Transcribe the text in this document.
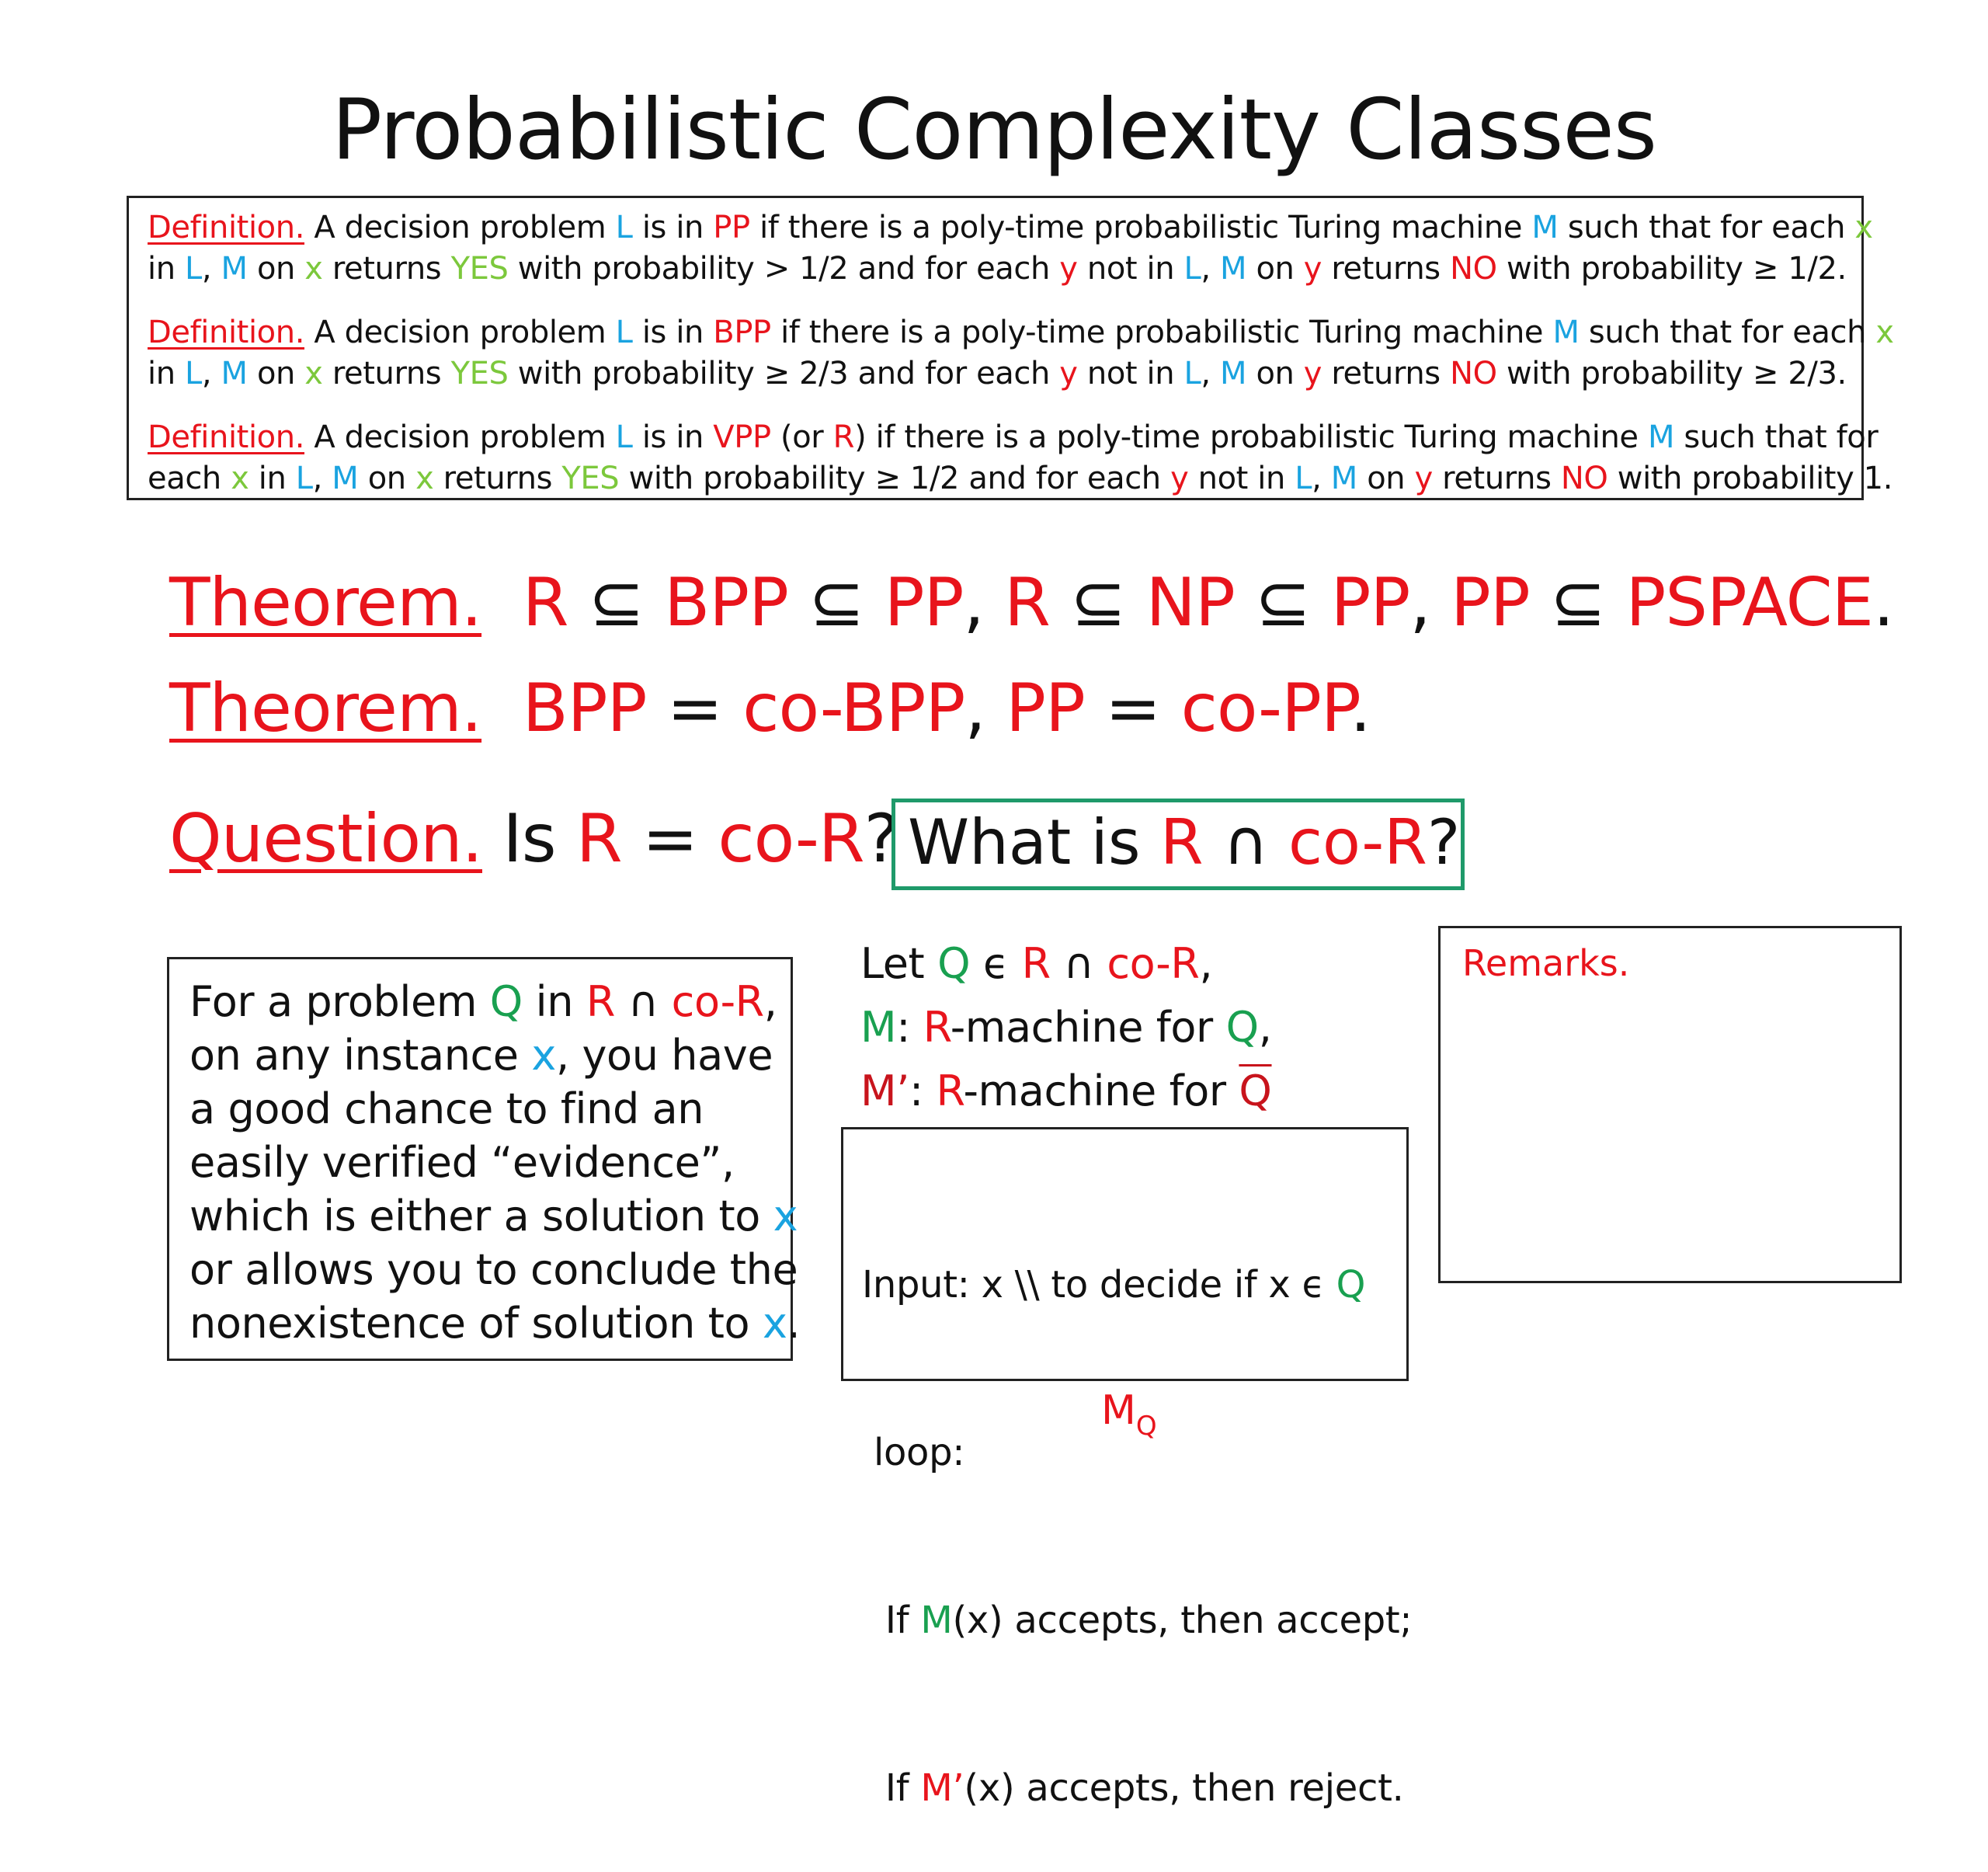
Probabilistic Complexity Classes
Definition. A decision problem L is in PP if there is a poly-time probabilistic Turing machine M such that for each x
in L, M on x returns YES with probability > 1/2 and for each y not in L, M on y returns NO with probability ≥ 1/2.
Definition. A decision problem L is in BPP if there is a poly-time probabilistic Turing machine M such that for each x
in L, M on x returns YES with probability ≥ 2/3 and for each y not in L, M on y returns NO with probability ≥ 2/3.
Definition. A decision problem L is in VPP (or R) if there is a poly-time probabilistic Turing machine M such that for
each x in L, M on x returns YES with probability ≥ 1/2 and for each y not in L, M on y returns NO with probability 1.
Theorem. R ⊆ BPP ⊆ PP, R ⊆ NP ⊆ PP, PP ⊆ PSPACE.
Theorem. BPP = co-BPP, PP = co-PP.
Question. Is R = co-R? What is R ∩ co-R?
For a problem Q in R ∩ co-R,
on any instance x, you have
a good chance to find an
easily verified “evidence”,
which is either a solution to x
or allows you to conclude the
nonexistence of solution to x.
Let Q ϵ R ∩ co-R,
M: R-machine for Q,
M’: R-machine for $\overline{Q}$

Input: x \\ to decide if x ϵ Q

loop:

If M(x) accepts, then accept;

If M’(x) accepts, then reject.

$M_Q$
Remarks.
